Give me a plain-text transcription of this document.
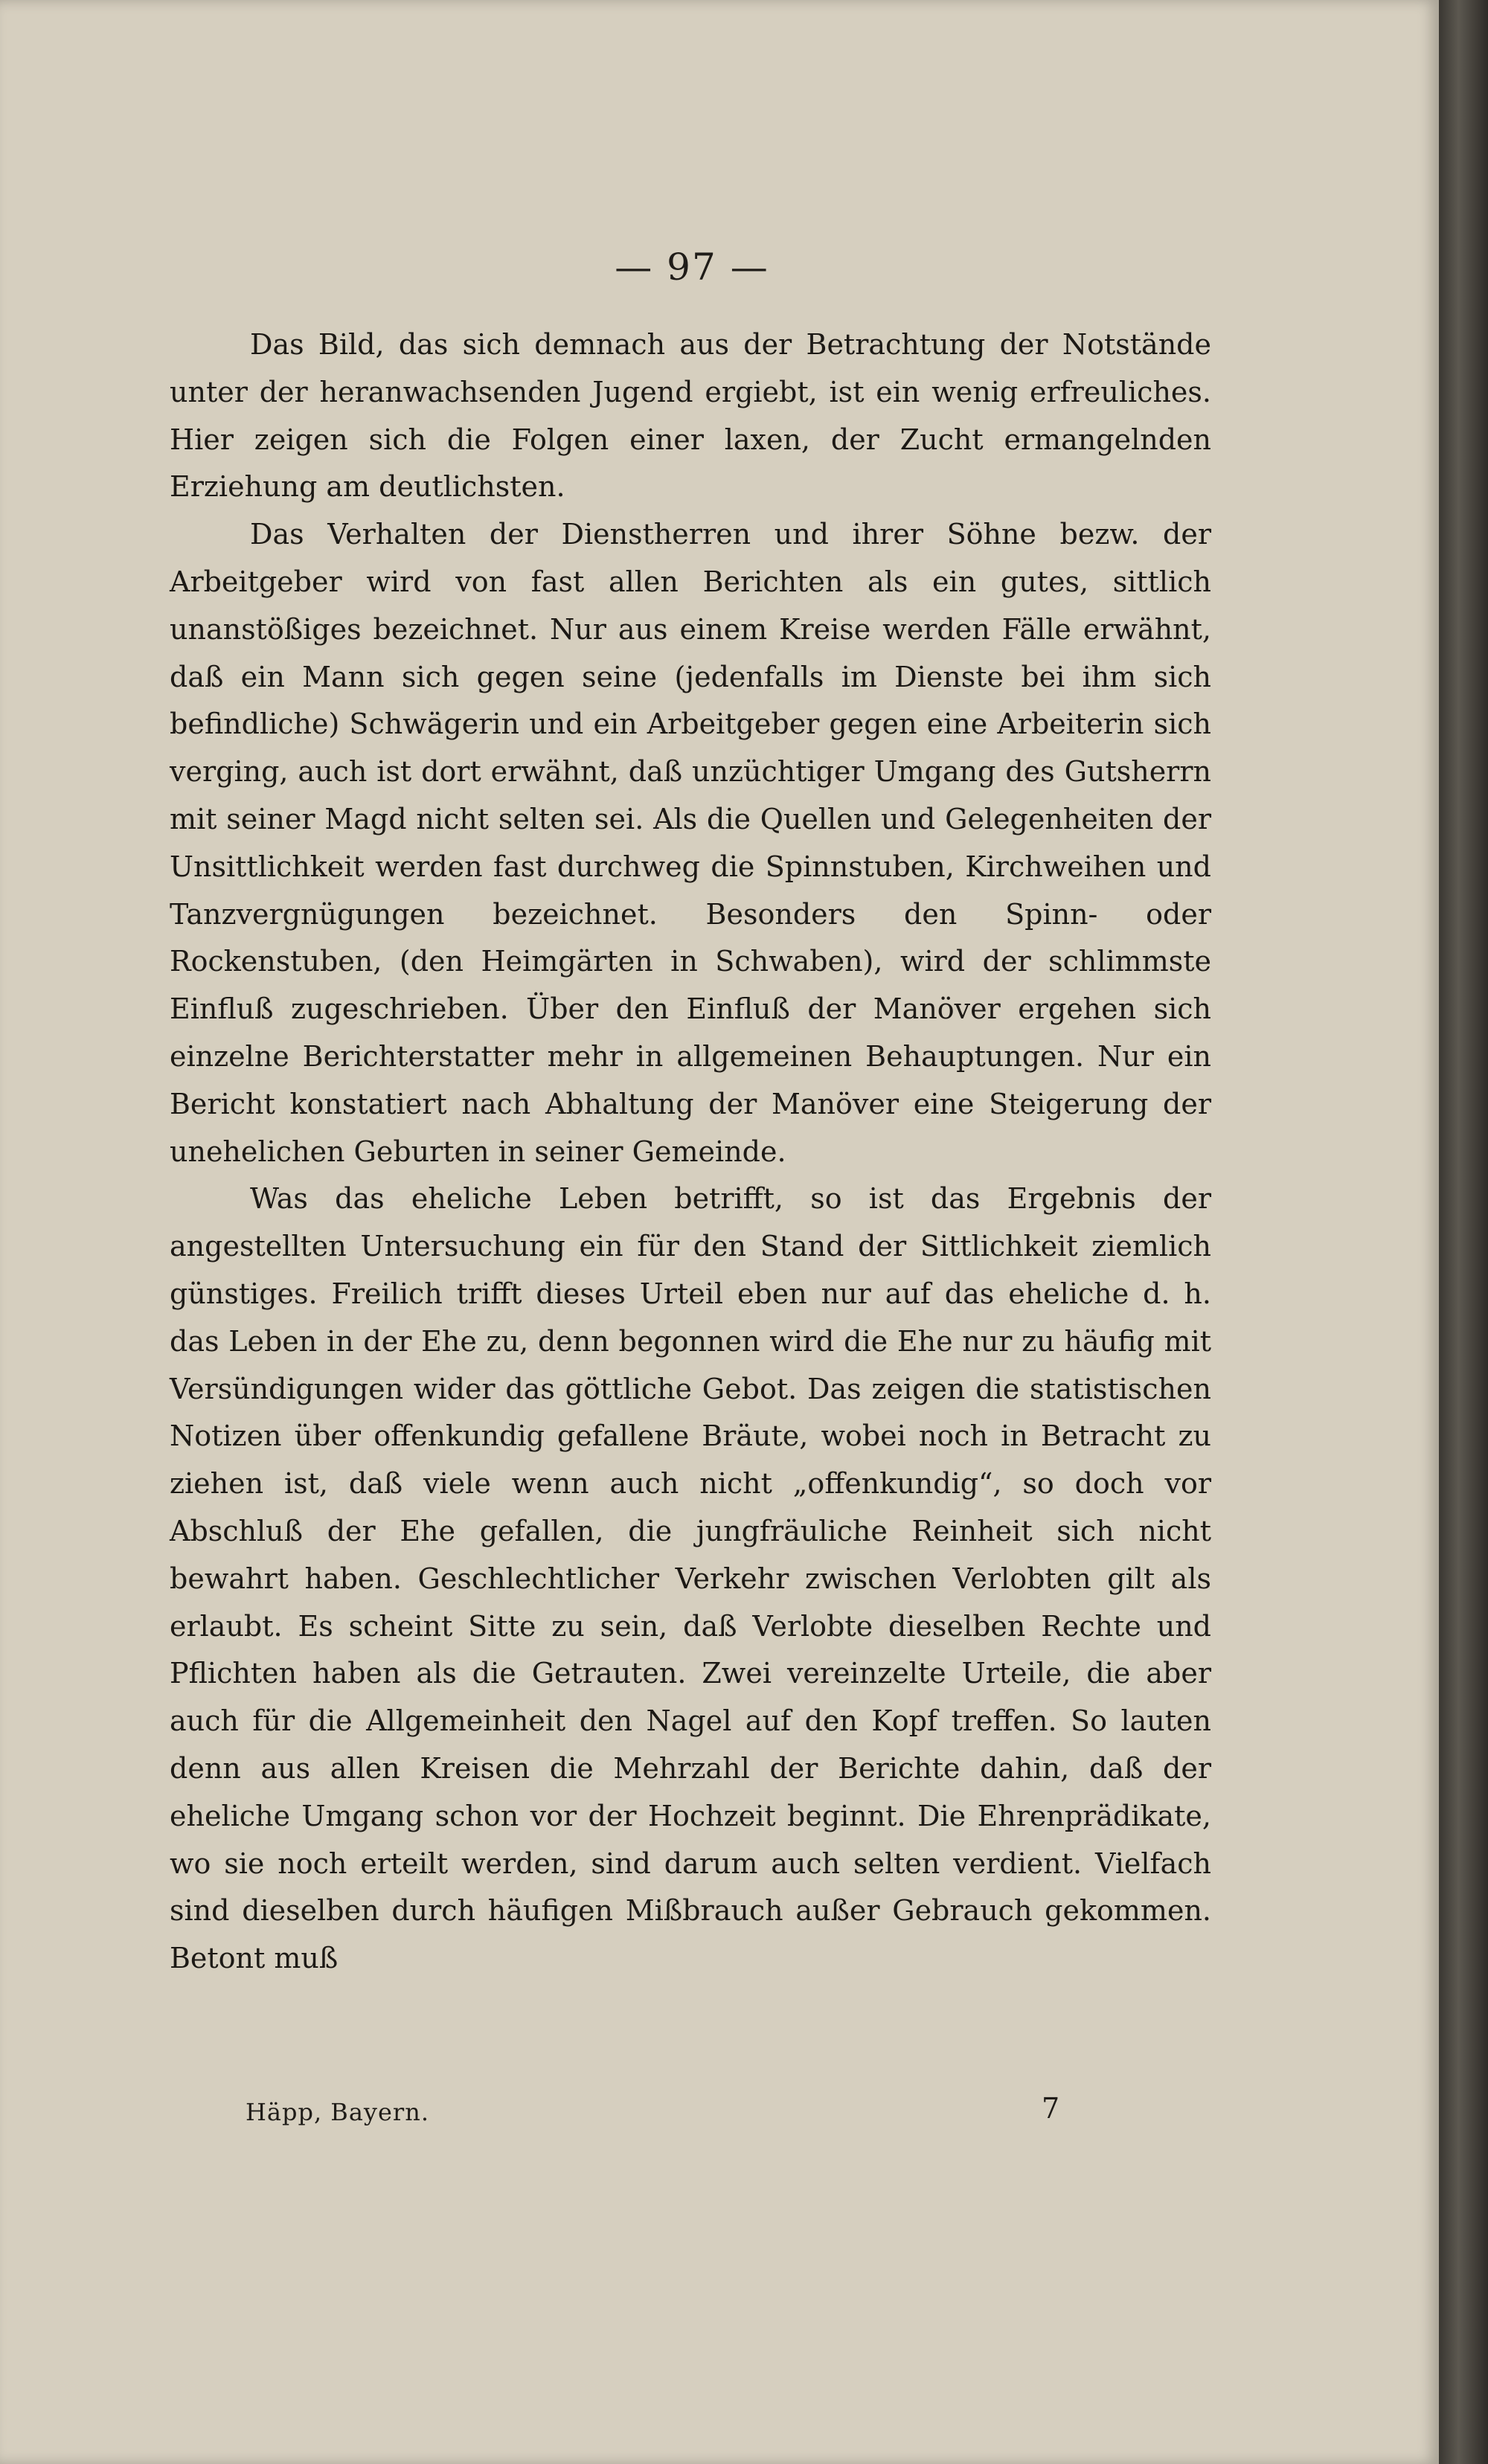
— 97 —

Das Bild, das sich demnach aus der Betrachtung der Notstände unter der heranwachsenden Jugend ergiebt, ist ein wenig erfreuliches. Hier zeigen sich die Folgen einer laxen, der Zucht ermangelnden Erziehung am deutlichsten.

Das Verhalten der Dienstherren und ihrer Söhne bezw. der Arbeitgeber wird von fast allen Berichten als ein gutes, sittlich unanstößiges bezeichnet. Nur aus einem Kreise werden Fälle erwähnt, daß ein Mann sich gegen seine (jedenfalls im Dienste bei ihm sich befindliche) Schwägerin und ein Arbeitgeber gegen eine Arbeiterin sich verging, auch ist dort erwähnt, daß unzüchtiger Umgang des Gutsherrn mit seiner Magd nicht selten sei. Als die Quellen und Gelegenheiten der Unsittlichkeit werden fast durchweg die Spinnstuben, Kirchweihen und Tanzvergnügungen bezeichnet. Besonders den Spinn- oder Rockenstuben, (den Heimgärten in Schwaben), wird der schlimmste Einfluß zugeschrieben. Über den Einfluß der Manöver ergehen sich einzelne Berichterstatter mehr in allgemeinen Behauptungen. Nur ein Bericht konstatiert nach Abhaltung der Manöver eine Steigerung der unehelichen Geburten in seiner Gemeinde.

Was das eheliche Leben betrifft, so ist das Ergebnis der angestellten Untersuchung ein für den Stand der Sittlichkeit ziemlich günstiges. Freilich trifft dieses Urteil eben nur auf das eheliche d. h. das Leben in der Ehe zu, denn begonnen wird die Ehe nur zu häufig mit Versündigungen wider das göttliche Gebot. Das zeigen die statistischen Notizen über offenkundig gefallene Bräute, wobei noch in Betracht zu ziehen ist, daß viele wenn auch nicht „offenkundig“, so doch vor Abschluß der Ehe gefallen, die jungfräuliche Reinheit sich nicht bewahrt haben. Geschlechtlicher Verkehr zwischen Verlobten gilt als erlaubt. Es scheint Sitte zu sein, daß Verlobte dieselben Rechte und Pflichten haben als die Getrauten. Zwei vereinzelte Urteile, die aber auch für die Allgemeinheit den Nagel auf den Kopf treffen. So lauten denn aus allen Kreisen die Mehrzahl der Berichte dahin, daß der eheliche Umgang schon vor der Hochzeit beginnt. Die Ehrenprädikate, wo sie noch erteilt werden, sind darum auch selten verdient. Vielfach sind dieselben durch häufigen Mißbrauch außer Gebrauch gekommen. Betont muß

Häpp, Bayern.	7
